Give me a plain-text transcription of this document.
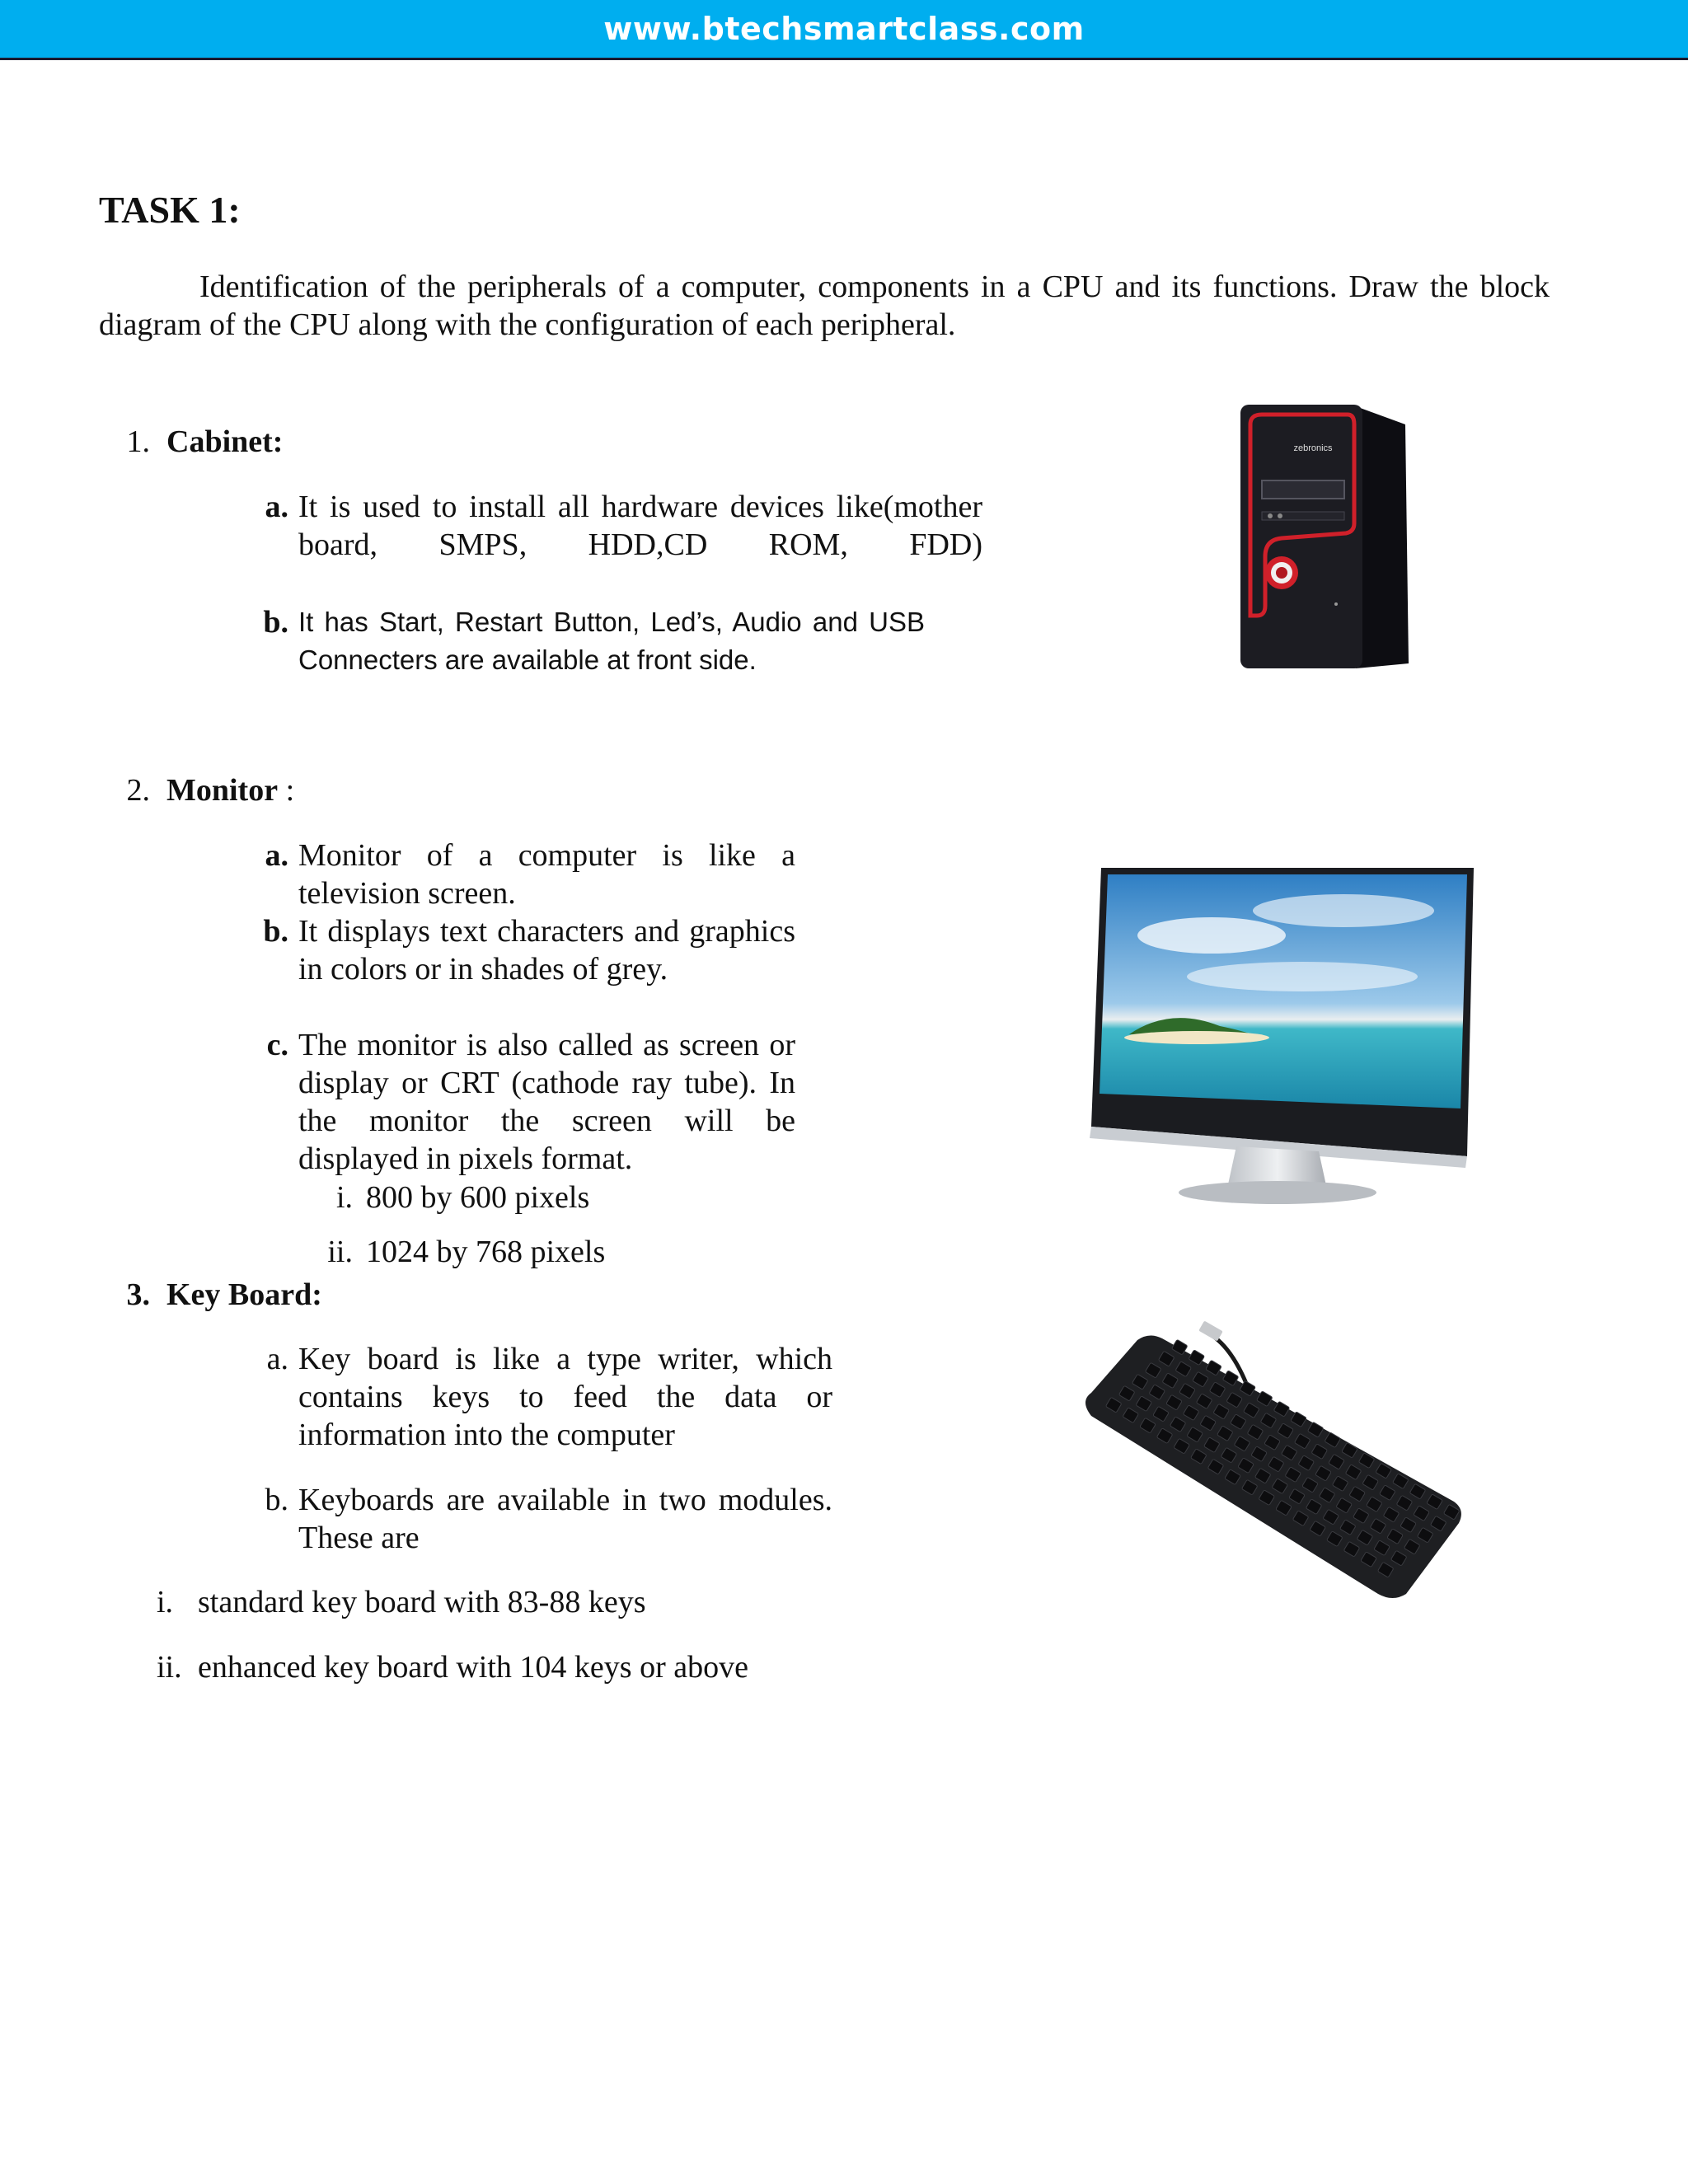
www.btechsmartclass.com
TASK 1:

Identification of the peripherals of a computer, components in a CPU and its functions. Draw the block diagram of the CPU along with the configuration of each peripheral.

1. Cabinet:
a. It is used to install all hardware devices like(mother board, SMPS, HDD,CD ROM, FDD)
b. It has Start, Restart Button, Led’s, Audio and USB Connecters are available at front side.
zebronics
2. Monitor :
a. Monitor of a computer is like a television screen.
b. It displays text characters and graphics in colors or in shades of grey.
c. The monitor is also called as screen or display or CRT (cathode ray tube). In the monitor the screen will be displayed in pixels format.
i. 800 by 600 pixels
ii. 1024 by 768 pixels
3. Key Board:
a. Key board is like a type writer, which contains keys to feed the data or information into the computer
b. Keyboards are available in two modules. These are
i. standard key board with 83-88 keys
ii. enhanced key board with 104 keys or above
